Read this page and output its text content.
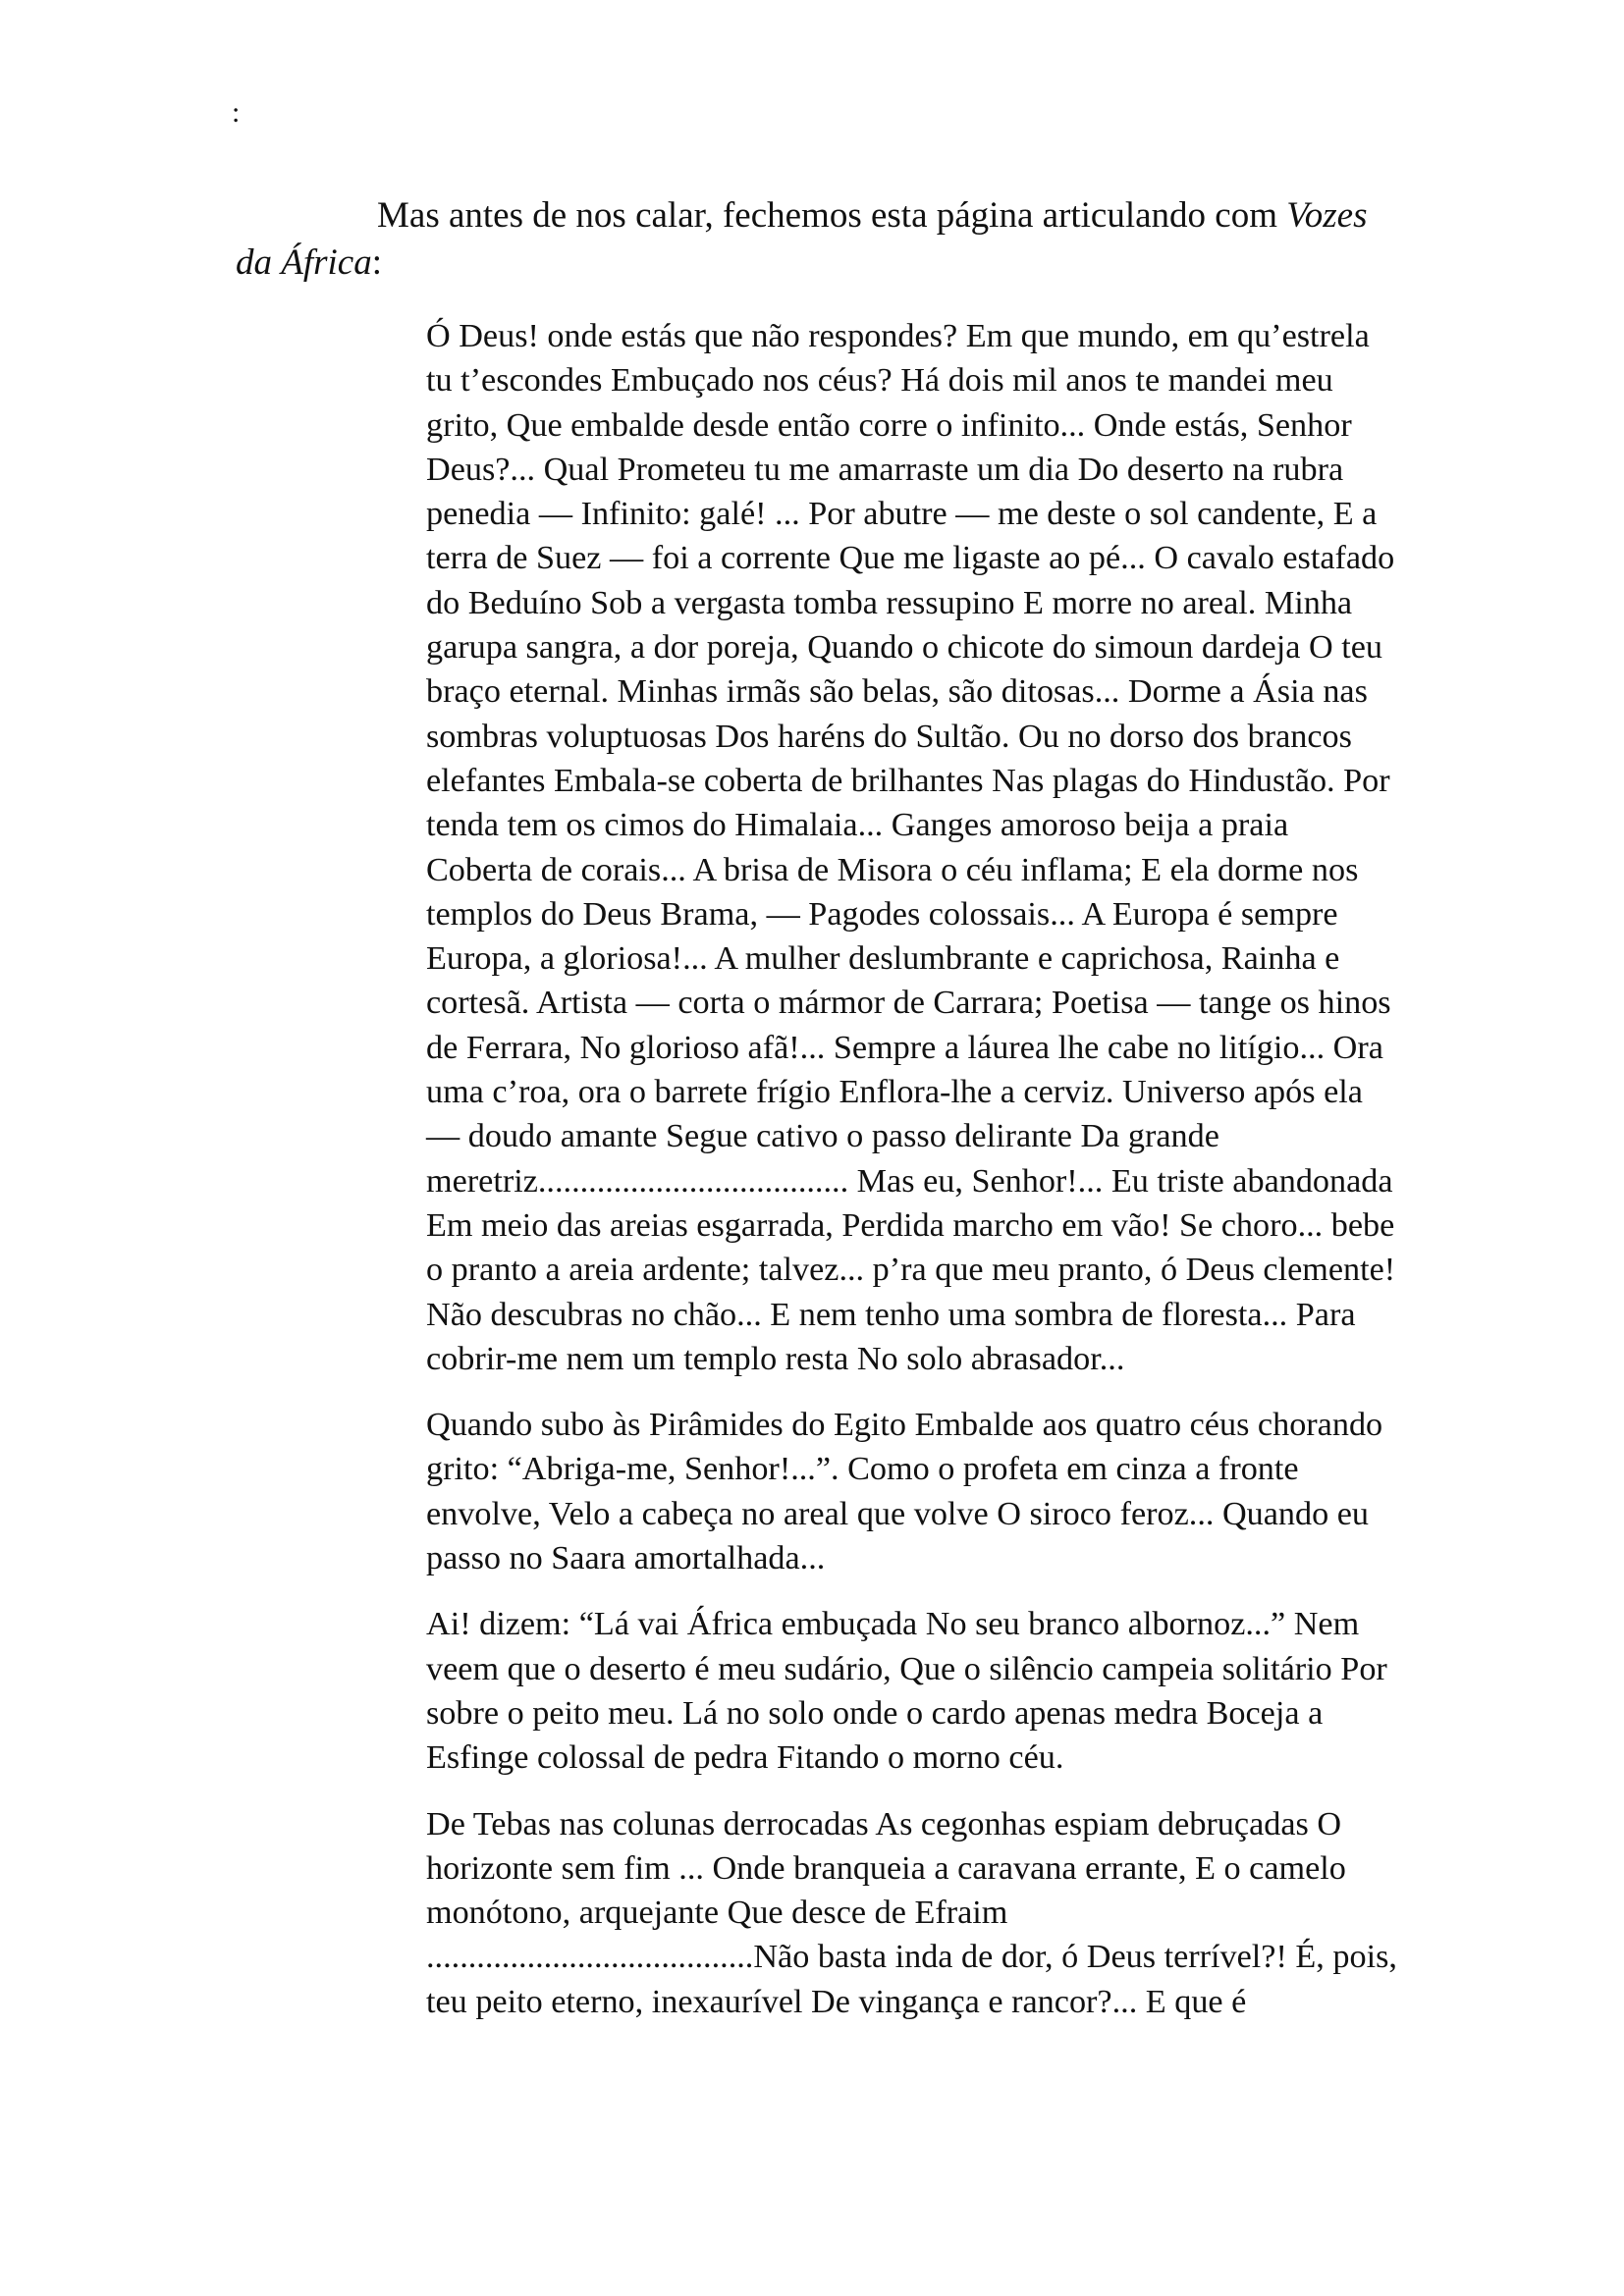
:

Mas antes de nos calar, fechemos esta página articulando com Vozes da África:

Ó Deus! onde estás que não respondes? Em que mundo, em qu’estrela tu t’escondes Embuçado nos céus? Há dois mil anos te mandei meu grito, Que embalde desde então corre o infinito... Onde estás, Senhor Deus?... Qual Prometeu tu me amarraste um dia Do deserto na rubra penedia — Infinito: galé! ... Por abutre — me deste o sol candente, E a terra de Suez — foi a corrente Que me ligaste ao pé... O cavalo estafado do Beduíno Sob a vergasta tomba ressupino E morre no areal. Minha garupa sangra, a dor poreja, Quando o chicote do simoun dardeja O teu braço eternal. Minhas irmãs são belas, são ditosas... Dorme a Ásia nas sombras voluptuosas Dos haréns do Sultão. Ou no dorso dos brancos elefantes Embala-se coberta de brilhantes Nas plagas do Hindustão. Por tenda tem os cimos do Himalaia... Ganges amoroso beija a praia Coberta de corais... A brisa de Misora o céu inflama; E ela dorme nos templos do Deus Brama, — Pagodes colossais... A Europa é sempre Europa, a gloriosa!... A mulher deslumbrante e caprichosa, Rainha e cortesã. Artista — corta o mármor de Carrara; Poetisa — tange os hinos de Ferrara, No glorioso afã!... Sempre a láurea lhe cabe no litígio... Ora uma c’roa, ora o barrete frígio Enflora-lhe a cerviz. Universo após ela — doudo amante Segue cativo o passo delirante Da grande meretriz..................................... Mas eu, Senhor!... Eu triste abandonada Em meio das areias esgarrada, Perdida marcho em vão! Se choro... bebe o pranto a areia ardente; talvez... p’ra que meu pranto, ó Deus clemente! Não descubras no chão... E nem tenho uma sombra de floresta... Para cobrir-me nem um templo resta No solo abrasador...

Quando subo às Pirâmides do Egito Embalde aos quatro céus chorando grito: “Abriga-me, Senhor!...”. Como o profeta em cinza a fronte envolve, Velo a cabeça no areal que volve O siroco feroz... Quando eu passo no Saara amortalhada...

Ai! dizem: “Lá vai África embuçada No seu branco albornoz...” Nem veem que o deserto é meu sudário, Que o silêncio campeia solitário Por sobre o peito meu. Lá no solo onde o cardo apenas medra Boceja a Esfinge colossal de pedra Fitando o morno céu.

De Tebas nas colunas derrocadas As cegonhas espiam debruçadas O horizonte sem fim ... Onde branqueia a caravana errante, E o camelo monótono, arquejante Que desce de Efraim .......................................Não basta inda de dor, ó Deus terrível?! É, pois, teu peito eterno, inexaurível De vingança e rancor?... E que é
